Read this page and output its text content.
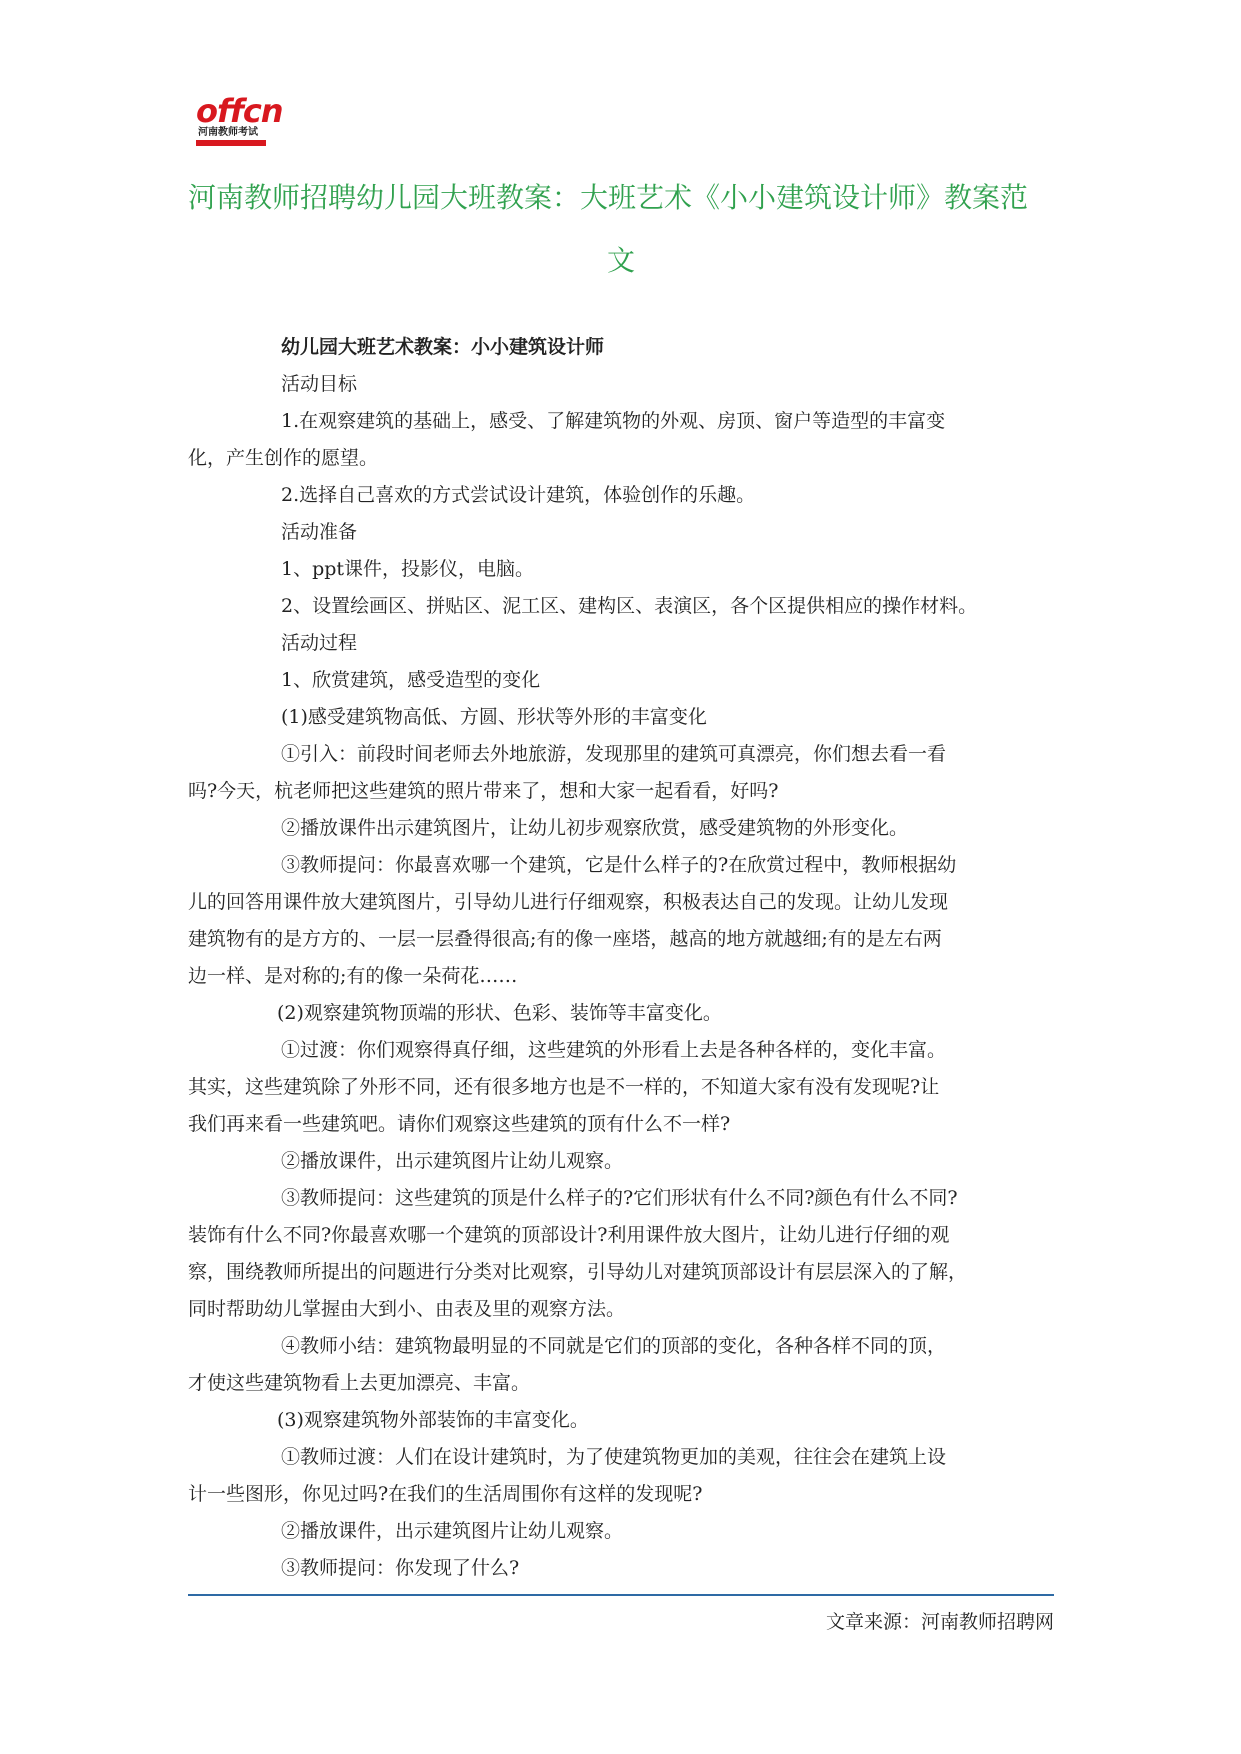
offcn
河南教师考试
河南教师招聘幼儿园大班教案：大班艺术《小小建筑设计师》教案范
文

幼儿园大班艺术教案：小小建筑设计师

活动目标

1.在观察建筑的基础上，感受、了解建筑物的外观、房顶、窗户等造型的丰富变

化，产生创作的愿望。

2.选择自己喜欢的方式尝试设计建筑，体验创作的乐趣。

活动准备

1、ppt课件，投影仪，电脑。

2、设置绘画区、拼贴区、泥工区、建构区、表演区，各个区提供相应的操作材料。

活动过程

1、欣赏建筑，感受造型的变化

(1)感受建筑物高低、方圆、形状等外形的丰富变化

①引入：前段时间老师去外地旅游，发现那里的建筑可真漂亮，你们想去看一看

吗?今天，杭老师把这些建筑的照片带来了，想和大家一起看看，好吗?

②播放课件出示建筑图片，让幼儿初步观察欣赏，感受建筑物的外形变化。

③教师提问：你最喜欢哪一个建筑，它是什么样子的?在欣赏过程中，教师根据幼

儿的回答用课件放大建筑图片，引导幼儿进行仔细观察，积极表达自己的发现。让幼儿发现

建筑物有的是方方的、一层一层叠得很高;有的像一座塔，越高的地方就越细;有的是左右两

边一样、是对称的;有的像一朵荷花……

(2)观察建筑物顶端的形状、色彩、装饰等丰富变化。

①过渡：你们观察得真仔细，这些建筑的外形看上去是各种各样的，变化丰富。

其实，这些建筑除了外形不同，还有很多地方也是不一样的，不知道大家有没有发现呢?让

我们再来看一些建筑吧。请你们观察这些建筑的顶有什么不一样?

②播放课件，出示建筑图片让幼儿观察。

③教师提问：这些建筑的顶是什么样子的?它们形状有什么不同?颜色有什么不同?

装饰有什么不同?你最喜欢哪一个建筑的顶部设计?利用课件放大图片，让幼儿进行仔细的观

察，围绕教师所提出的问题进行分类对比观察，引导幼儿对建筑顶部设计有层层深入的了解，

同时帮助幼儿掌握由大到小、由表及里的观察方法。

④教师小结：建筑物最明显的不同就是它们的顶部的变化，各种各样不同的顶，

才使这些建筑物看上去更加漂亮、丰富。

(3)观察建筑物外部装饰的丰富变化。

①教师过渡：人们在设计建筑时，为了使建筑物更加的美观，往往会在建筑上设

计一些图形，你见过吗?在我们的生活周围你有这样的发现呢?

②播放课件，出示建筑图片让幼儿观察。

③教师提问：你发现了什么?

文章来源：河南教师招聘网
